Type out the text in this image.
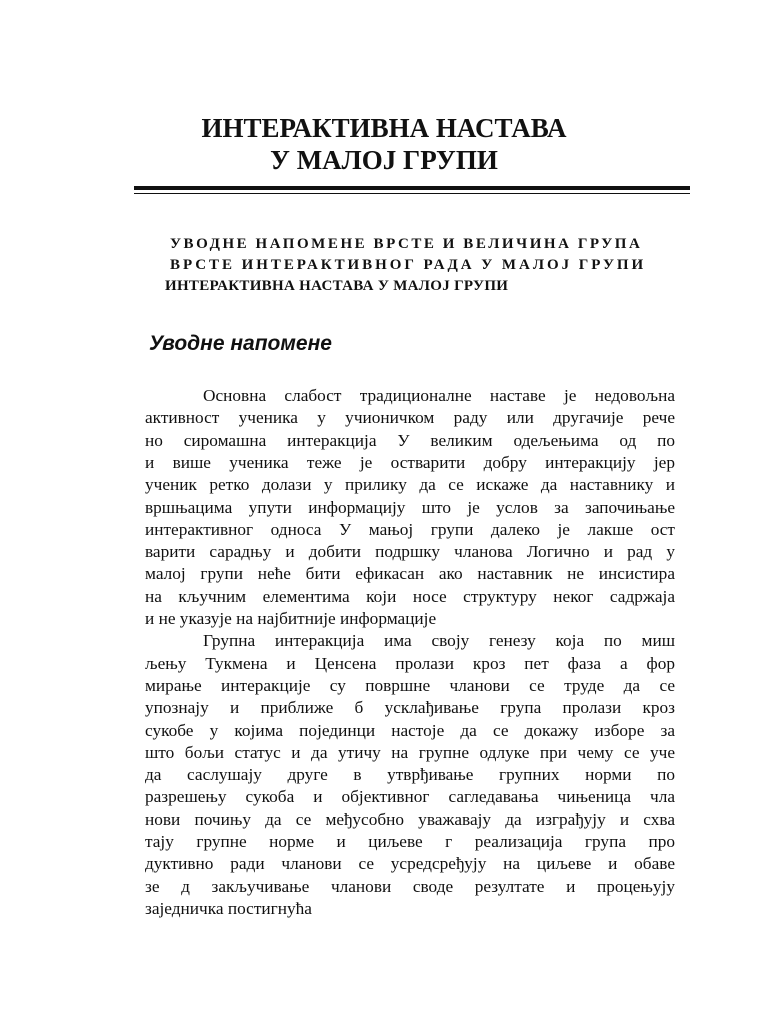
ИНТЕРАКТИВНА НАСТАВА
У МАЛОЈ ГРУПИ
УВОДНЕ НАПОМЕНЕ ВРСТЕ И ВЕЛИЧИНА ГРУПА
ВРСТЕ ИНТЕРАКТИВНОГ РАДА У МАЛОЈ ГРУПИ
ИНТЕРАКТИВНА НАСТАВА У МАЛОЈ ГРУПИ
Уводне напомене
Основна слабост традиционалне наставе је недовољна
активност ученика у учионичком раду или другачије рече
но сиромашна интеракција У великим одељењима од по
и више ученика теже је остварити добру интеракцију јер
ученик ретко долази у прилику да се искаже да наставнику и
вршњацима упути информацију што је услов за започињање
интерактивног односа У мањој групи далеко је лакше ост
варити сарадњу и добити подршку чланова Логично и рад у
малој групи неће бити ефикасан ако наставник не инсистира
на кључним елементима који носе структуру неког садржаја
и не указује на најбитније информације
Групна интеракција има своју генезу која по миш
љењу Тукмена и Ценсена пролази кроз пет фаза а фор
мирање интеракције су површне чланови се труде да се
упознају и приближе б усклађивање група пролази кроз
сукобе у којима појединци настоје да се докажу изборе за
што бољи статус и да утичу на групне одлуке при чему се уче
да саслушају друге в утврђивање групних норми по
разрешењу сукоба и објективног сагледавања чињеница чла
нови почињу да се међусобно уважавају да изграђују и схва
тају групне норме и циљеве г реализација група про
дуктивно ради чланови се усредсређују на циљеве и обаве
зе д закључивање чланови своде резултате и процењују
заједничка постигнућа
